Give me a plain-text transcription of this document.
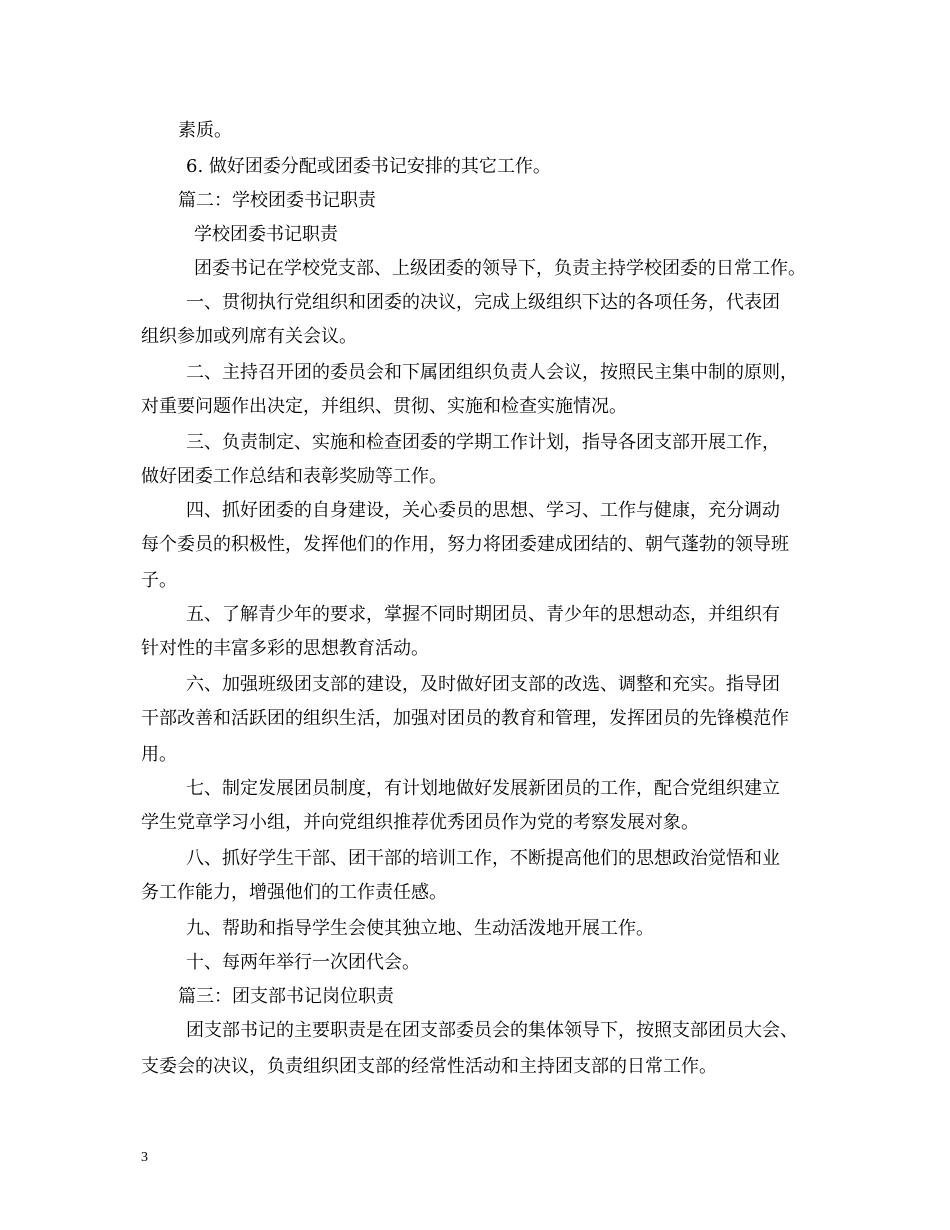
素质。
6. 做好团委分配或团委书记安排的其它工作。
篇二：学校团委书记职责
学校团委书记职责
团委书记在学校党支部、上级团委的领导下，负责主持学校团委的日常工作。
一、贯彻执行党组织和团委的决议，完成上级组织下达的各项任务，代表团
组织参加或列席有关会议。
二、主持召开团的委员会和下属团组织负责人会议，按照民主集中制的原则，
对重要问题作出决定，并组织、贯彻、实施和检查实施情况。
三、负责制定、实施和检查团委的学期工作计划，指导各团支部开展工作，
做好团委工作总结和表彰奖励等工作。
四、抓好团委的自身建设，关心委员的思想、学习、工作与健康，充分调动
每个委员的积极性，发挥他们的作用，努力将团委建成团结的、朝气蓬勃的领导班
子。
五、了解青少年的要求，掌握不同时期团员、青少年的思想动态，并组织有
针对性的丰富多彩的思想教育活动。
六、加强班级团支部的建设，及时做好团支部的改选、调整和充实。指导团
干部改善和活跃团的组织生活，加强对团员的教育和管理，发挥团员的先锋模范作
用。
七、制定发展团员制度，有计划地做好发展新团员的工作，配合党组织建立
学生党章学习小组，并向党组织推荐优秀团员作为党的考察发展对象。
八、抓好学生干部、团干部的培训工作，不断提高他们的思想政治觉悟和业
务工作能力，增强他们的工作责任感。
九、帮助和指导学生会使其独立地、生动活泼地开展工作。
十、每两年举行一次团代会。
篇三：团支部书记岗位职责
团支部书记的主要职责是在团支部委员会的集体领导下，按照支部团员大会、
支委会的决议，负责组织团支部的经常性活动和主持团支部的日常工作。
3
